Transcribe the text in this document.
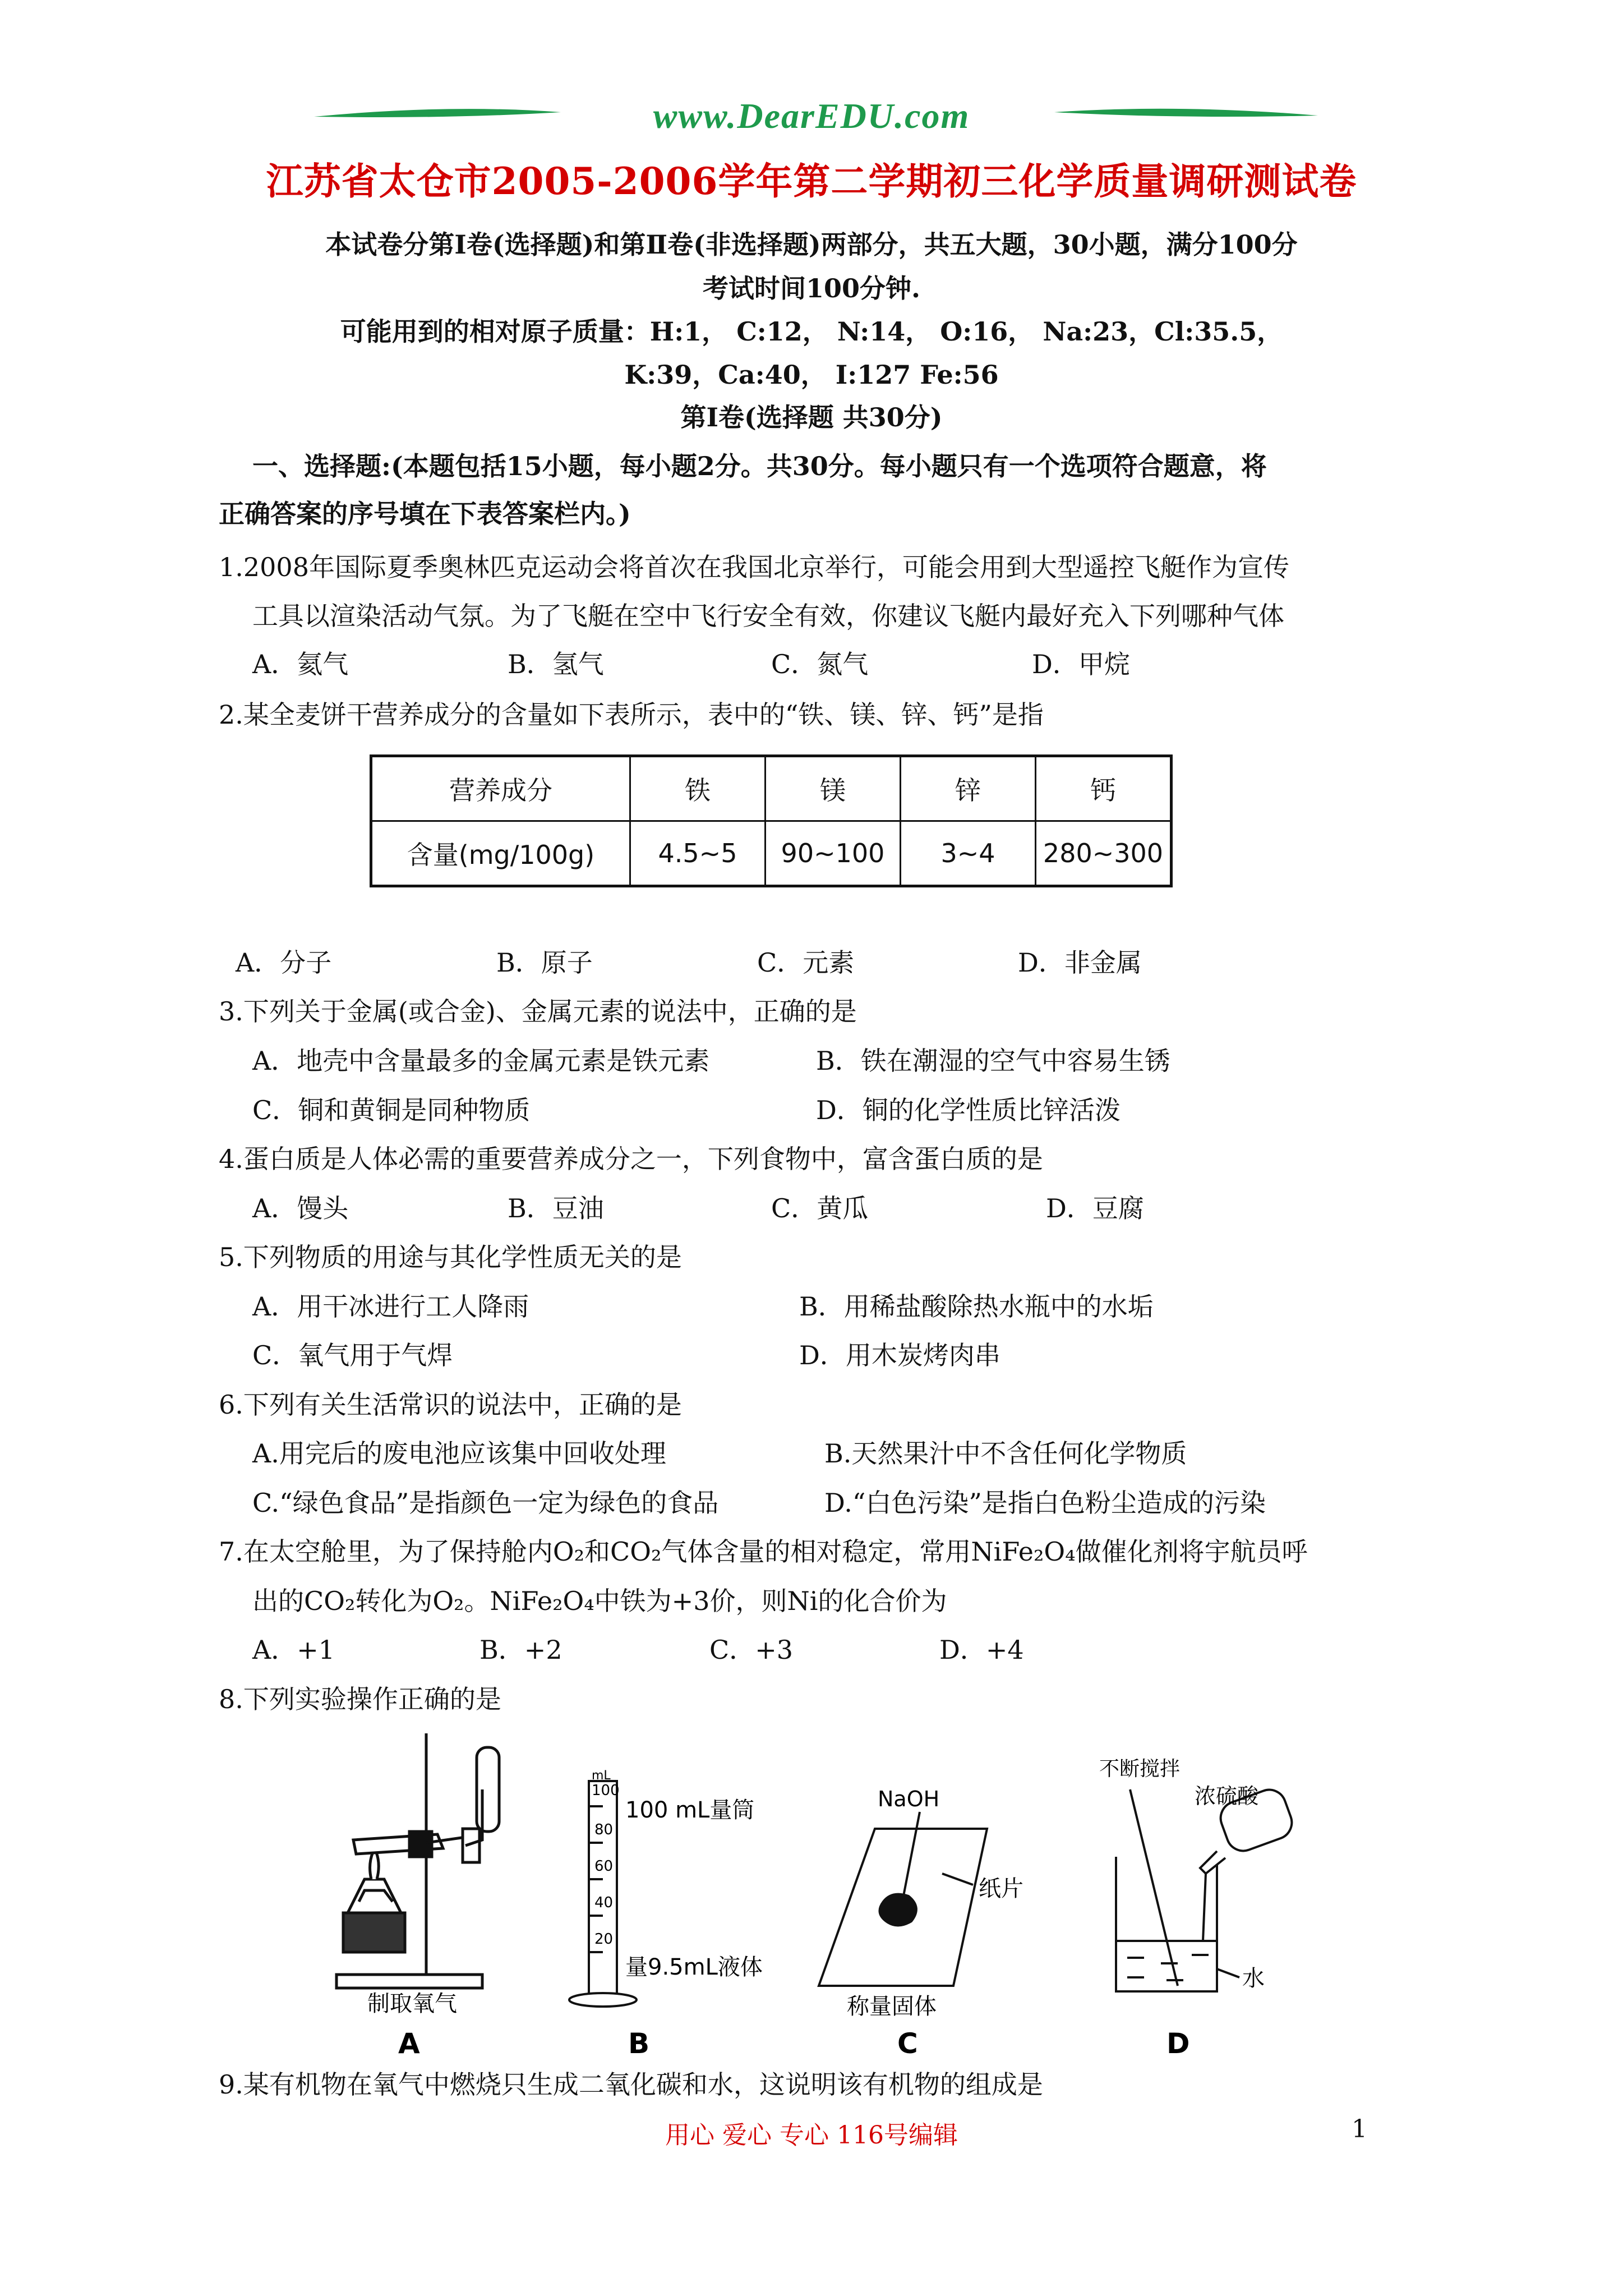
www.DearEDU.com
江苏省太仓市2005-2006学年第二学期初三化学质量调研测试卷
本试卷分第Ⅰ卷(选择题)和第Ⅱ卷(非选择题)两部分，共五大题，30小题，满分100分
考试时间100分钟.
可能用到的相对原子质量：H:1， C:12， N:14， O:16， Na:23，Cl:35.5，
K:39，Ca:40， I:127 Fe:56
第Ⅰ卷(选择题 共30分)
一、选择题:(本题包括15小题，每小题2分。共30分。每小题只有一个选项符合题意，将
正确答案的序号填在下表答案栏内。)
1.2008年国际夏季奥林匹克运动会将首次在我国北京举行，可能会用到大型遥控飞艇作为宣传
工具以渲染活动气氛。为了飞艇在空中飞行安全有效，你建议飞艇内最好充入下列哪种气体
A．氦气	B．氢气	C．氮气	D．甲烷
2.某全麦饼干营养成分的含量如下表所示，表中的“铁、镁、锌、钙”是指
营养成分	铁	镁	锌	钙
含量(mg/100g)	4.5~5	90~100	3~4	280~300
A．分子	B．原子	C．元素	D．非金属
3.下列关于金属(或合金)、金属元素的说法中，正确的是
A．地壳中含量最多的金属元素是铁元素	B．铁在潮湿的空气中容易生锈
C．铜和黄铜是同种物质	D．铜的化学性质比锌活泼
4.蛋白质是人体必需的重要营养成分之一，下列食物中，富含蛋白质的是
A．馒头	B．豆油	C．黄瓜	D．豆腐
5.下列物质的用途与其化学性质无关的是
A．用干冰进行工人降雨	B．用稀盐酸除热水瓶中的水垢
C．氧气用于气焊	D．用木炭烤肉串
6.下列有关生活常识的说法中，正确的是
A.用完后的废电池应该集中回收处理	B.天然果汁中不含任何化学物质
C.“绿色食品”是指颜色一定为绿色的食品	D.“白色污染”是指白色粉尘造成的污染
7.在太空舱里，为了保持舱内O₂和CO₂气体含量的相对稳定，常用NiFe₂O₄做催化剂将宇航员呼
出的CO₂转化为O₂。NiFe₂O₄中铁为+3价，则Ni的化合价为
A．+1	B．+2	C．+3	D．+4
8.下列实验操作正确的是
制取氧气
A
100
80
60
40
20
mL
100 mL量筒
量9.5mL液体
B
NaOH
纸片
称量固体
C
不断搅拌
浓硫酸
水
D
9.某有机物在氧气中燃烧只生成二氧化碳和水，这说明该有机物的组成是
用心 爱心 专心 116号编辑	1
